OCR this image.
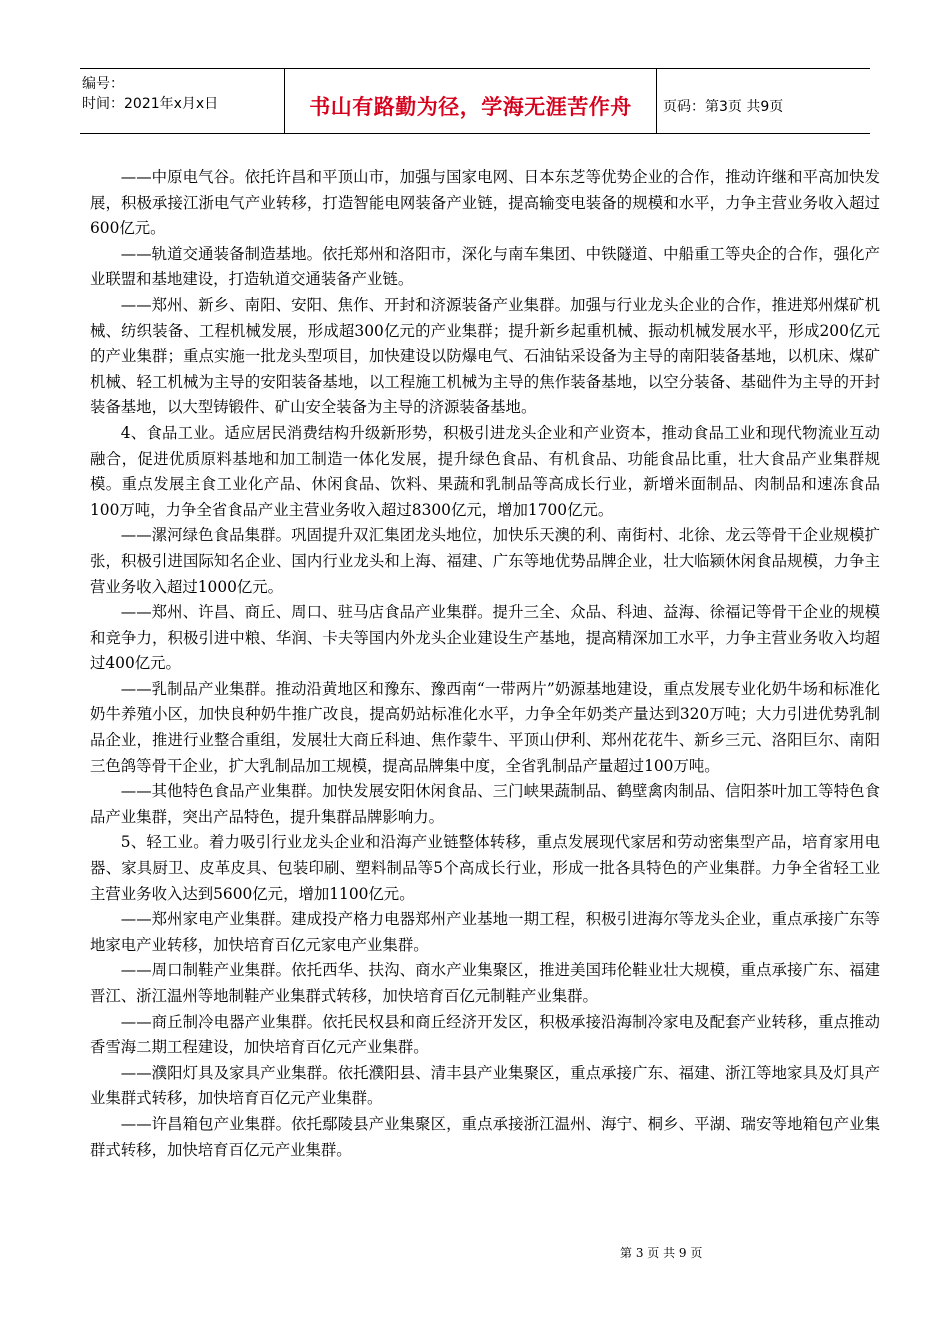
编号：
时间：2021年x月x日	书山有路勤为径，学海无涯苦作舟	页码：第3页 共9页

——中原电气谷。依托许昌和平顶山市，加强与国家电网、日本东芝等优势企业的合作，推动许继和平高加快发展，积极承接江浙电气产业转移，打造智能电网装备产业链，提高输变电装备的规模和水平，力争主营业务收入超过600亿元。

——轨道交通装备制造基地。依托郑州和洛阳市，深化与南车集团、中铁隧道、中船重工等央企的合作，强化产业联盟和基地建设，打造轨道交通装备产业链。

——郑州、新乡、南阳、安阳、焦作、开封和济源装备产业集群。加强与行业龙头企业的合作，推进郑州煤矿机械、纺织装备、工程机械发展，形成超300亿元的产业集群；提升新乡起重机械、振动机械发展水平，形成200亿元的产业集群；重点实施一批龙头型项目，加快建设以防爆电气、石油钻采设备为主导的南阳装备基地，以机床、煤矿机械、轻工机械为主导的安阳装备基地，以工程施工机械为主导的焦作装备基地，以空分装备、基础件为主导的开封装备基地，以大型铸锻件、矿山安全装备为主导的济源装备基地。

4、食品工业。适应居民消费结构升级新形势，积极引进龙头企业和产业资本，推动食品工业和现代物流业互动融合，促进优质原料基地和加工制造一体化发展，提升绿色食品、有机食品、功能食品比重，壮大食品产业集群规模。重点发展主食工业化产品、休闲食品、饮料、果蔬和乳制品等高成长行业，新增米面制品、肉制品和速冻食品100万吨，力争全省食品产业主营业务收入超过8300亿元，增加1700亿元。

——漯河绿色食品集群。巩固提升双汇集团龙头地位，加快乐天澳的利、南街村、北徐、龙云等骨干企业规模扩张，积极引进国际知名企业、国内行业龙头和上海、福建、广东等地优势品牌企业，壮大临颍休闲食品规模，力争主营业务收入超过1000亿元。

——郑州、许昌、商丘、周口、驻马店食品产业集群。提升三全、众品、科迪、益海、徐福记等骨干企业的规模和竞争力，积极引进中粮、华润、卡夫等国内外龙头企业建设生产基地，提高精深加工水平，力争主营业务收入均超过400亿元。

——乳制品产业集群。推动沿黄地区和豫东、豫西南“一带两片”奶源基地建设，重点发展专业化奶牛场和标准化奶牛养殖小区，加快良种奶牛推广改良，提高奶站标准化水平，力争全年奶类产量达到320万吨；大力引进优势乳制品企业，推进行业整合重组，发展壮大商丘科迪、焦作蒙牛、平顶山伊利、郑州花花牛、新乡三元、洛阳巨尔、南阳三色鸽等骨干企业，扩大乳制品加工规模，提高品牌集中度，全省乳制品产量超过100万吨。

——其他特色食品产业集群。加快发展安阳休闲食品、三门峡果蔬制品、鹤壁禽肉制品、信阳茶叶加工等特色食品产业集群，突出产品特色，提升集群品牌影响力。

5、轻工业。着力吸引行业龙头企业和沿海产业链整体转移，重点发展现代家居和劳动密集型产品，培育家用电器、家具厨卫、皮革皮具、包装印刷、塑料制品等5个高成长行业，形成一批各具特色的产业集群。力争全省轻工业主营业务收入达到5600亿元，增加1100亿元。

——郑州家电产业集群。建成投产格力电器郑州产业基地一期工程，积极引进海尔等龙头企业，重点承接广东等地家电产业转移，加快培育百亿元家电产业集群。

——周口制鞋产业集群。依托西华、扶沟、商水产业集聚区，推进美国玮伦鞋业壮大规模，重点承接广东、福建晋江、浙江温州等地制鞋产业集群式转移，加快培育百亿元制鞋产业集群。

——商丘制冷电器产业集群。依托民权县和商丘经济开发区，积极承接沿海制冷家电及配套产业转移，重点推动香雪海二期工程建设，加快培育百亿元产业集群。

——濮阳灯具及家具产业集群。依托濮阳县、清丰县产业集聚区，重点承接广东、福建、浙江等地家具及灯具产业集群式转移，加快培育百亿元产业集群。

——许昌箱包产业集群。依托鄢陵县产业集聚区，重点承接浙江温州、海宁、桐乡、平湖、瑞安等地箱包产业集群式转移，加快培育百亿元产业集群。

第 3 页 共 9 页
